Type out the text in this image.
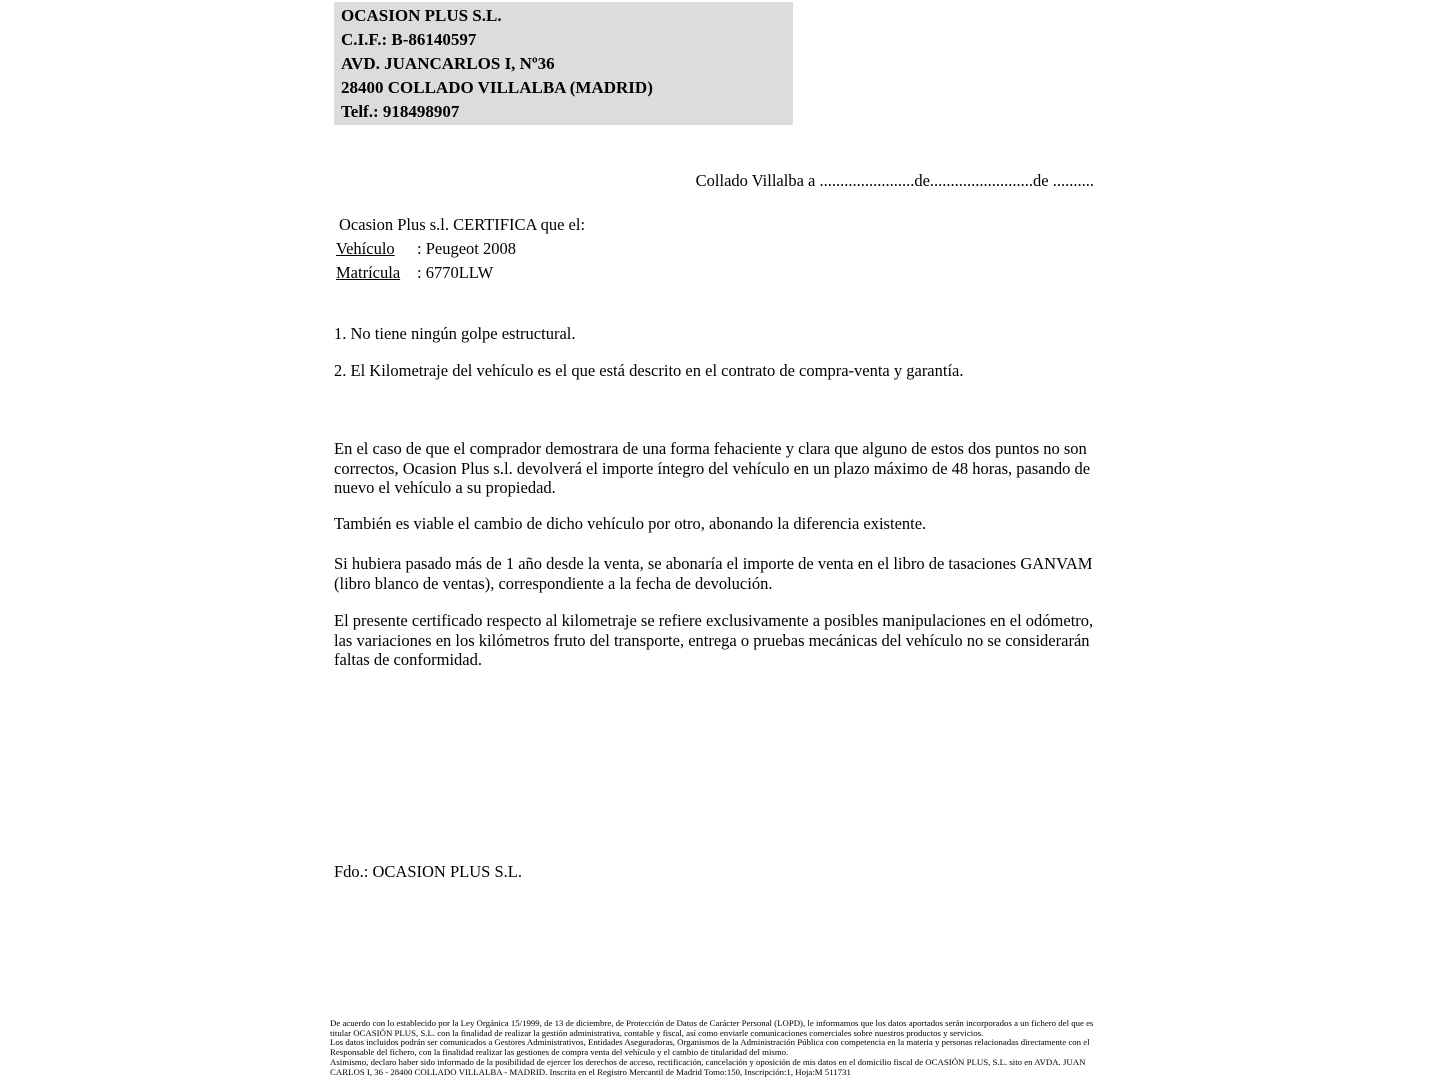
OCASION PLUS S.L.
C.I.F.: B-86140597
AVD. JUANCARLOS I, Nº36
28400 COLLADO VILLALBA (MADRID)
Telf.: 918498907
Collado Villalba a .......................de.........................de ..........
Ocasion Plus s.l. CERTIFICA que el:
Vehículo : Peugeot 2008
Matrícula : 6770LLW
1. No tiene ningún golpe estructural.
2. El Kilometraje del vehículo es el que está descrito en el contrato de compra-venta y garantía.
En el caso de que el comprador demostrara de una forma fehaciente y clara que alguno de estos dos puntos no son correctos, Ocasion Plus s.l. devolverá el importe íntegro del vehículo en un plazo máximo de 48 horas, pasando de nuevo el vehículo a su propiedad.
También es viable el cambio de dicho vehículo por otro, abonando la diferencia existente.
Si hubiera pasado más de 1 año desde la venta, se abonaría el importe de venta en el libro de tasaciones GANVAM (libro blanco de ventas), correspondiente a la fecha de devolución.
El presente certificado respecto al kilometraje se refiere exclusivamente a posibles manipulaciones en el odómetro, las variaciones en los kilómetros fruto del transporte, entrega o pruebas mecánicas del vehículo no se considerarán faltas de conformidad.
Fdo.: OCASION PLUS S.L.
De acuerdo con lo establecido por la Ley Orgánica 15/1999, de 13 de diciembre, de Protección de Datos de Carácter Personal (LOPD), le informamos que los datos aportados serán incorporados a un fichero del que es titular OCASIÓN PLUS, S.L. con la finalidad de realizar la gestión administrativa, contable y fiscal, así como enviarle comunicaciones comerciales sobre nuestros productos y servicios.
Los datos incluidos podrán ser comunicados a Gestores Administrativos, Entidades Aseguradoras, Organismos de la Administración Pública con competencia en la materia y personas relacionadas directamente con el Responsable del fichero, con la finalidad realizar las gestiones de compra venta del vehículo y el cambio de titularidad del mismo.
Asimismo, declaro haber sido informado de la posibilidad de ejercer los derechos de acceso, rectificación, cancelación y oposición de mis datos en el domicilio fiscal de OCASIÓN PLUS, S.L. sito en AVDA. JUAN CARLOS I, 36 - 28400 COLLADO VILLALBA - MADRID. Inscrita en el Registro Mercantil de Madrid Tomo:150, Inscripción:1, Hoja:M 511731
